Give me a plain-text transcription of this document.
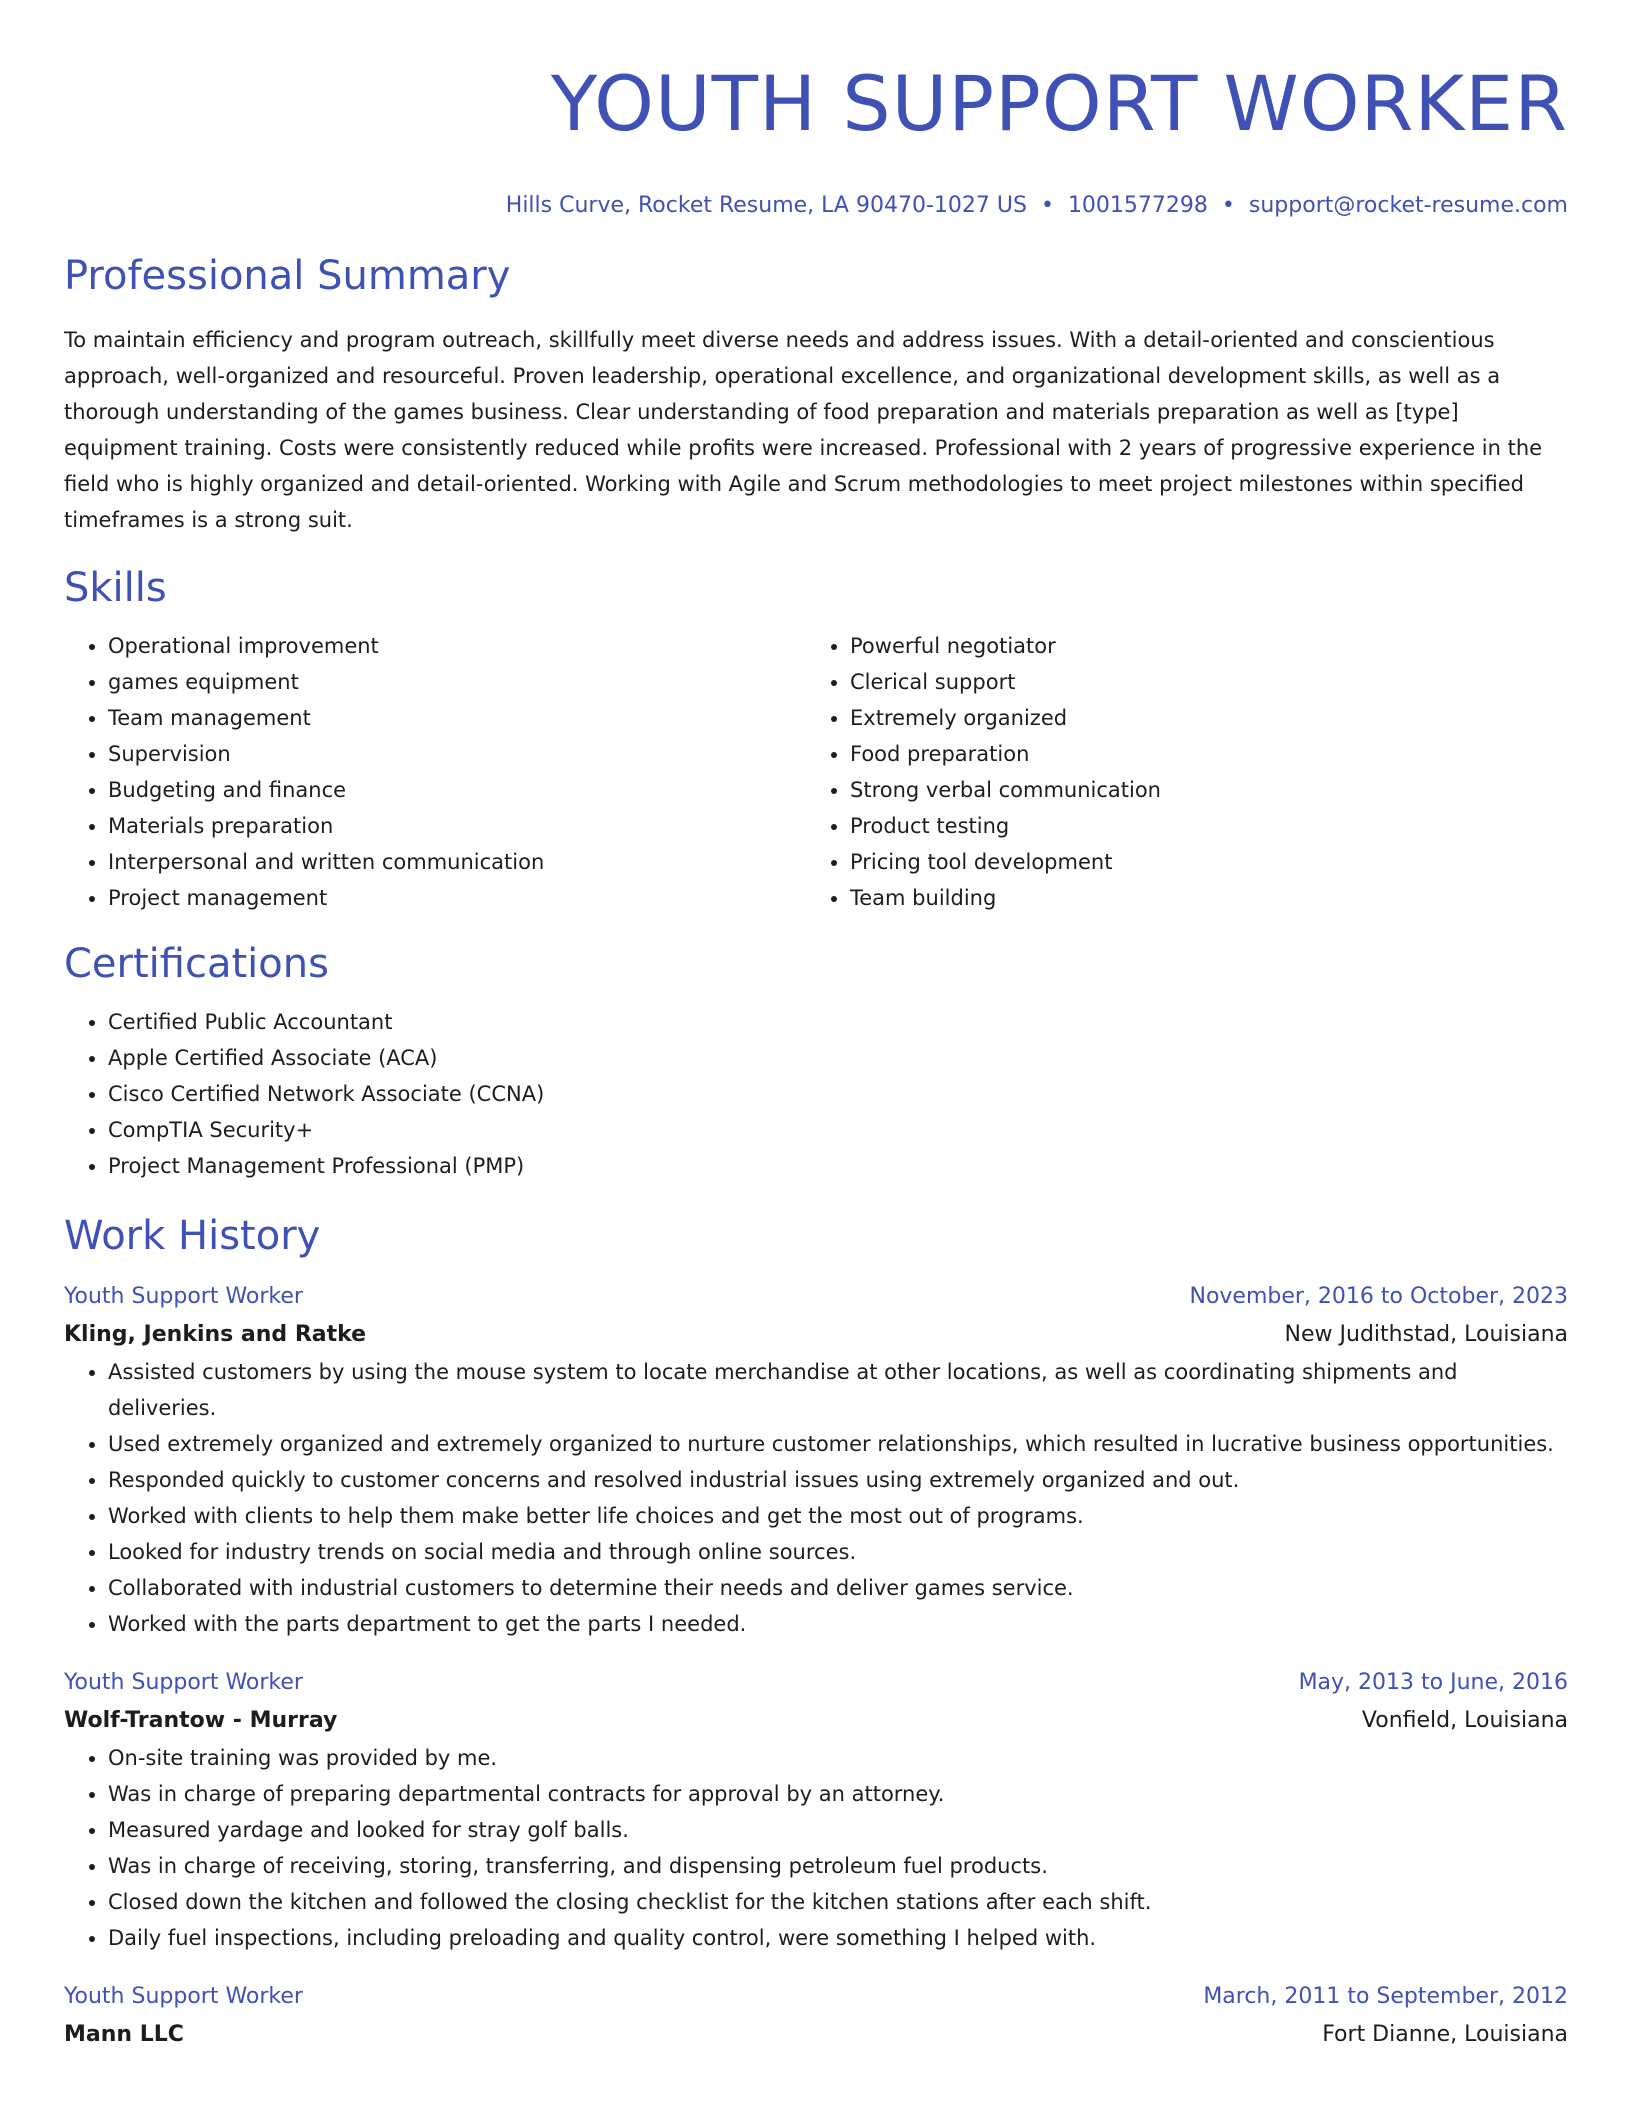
YOUTH SUPPORT WORKER
Hills Curve, Rocket Resume, LA 90470-1027 US • 1001577298 • support@rocket-resume.com
Professional Summary

To maintain efficiency and program outreach, skillfully meet diverse needs and address issues. With a detail-oriented and conscientious approach, well-organized and resourceful. Proven leadership, operational excellence, and organizational development skills, as well as a thorough understanding of the games business. Clear understanding of food preparation and materials preparation as well as [type] equipment training. Costs were consistently reduced while profits were increased. Professional with 2 years of progressive experience in the field who is highly organized and detail-oriented. Working with Agile and Scrum methodologies to meet project milestones within specified timeframes is a strong suit.

Skills
• Operational improvement
• games equipment
• Team management
• Supervision
• Budgeting and finance
• Materials preparation
• Interpersonal and written communication
• Project management
• Powerful negotiator
• Clerical support
• Extremely organized
• Food preparation
• Strong verbal communication
• Product testing
• Pricing tool development
• Team building
Certifications
• Certified Public Accountant
• Apple Certified Associate (ACA)
• Cisco Certified Network Associate (CCNA)
• CompTIA Security+
• Project Management Professional (PMP)
Work History
Youth Support Worker	November, 2016 to October, 2023
Kling, Jenkins and Ratke	New Judithstad, Louisiana
• Assisted customers by using the mouse system to locate merchandise at other locations, as well as coordinating shipments and deliveries.
• Used extremely organized and extremely organized to nurture customer relationships, which resulted in lucrative business opportunities.
• Responded quickly to customer concerns and resolved industrial issues using extremely organized and out.
• Worked with clients to help them make better life choices and get the most out of programs.
• Looked for industry trends on social media and through online sources.
• Collaborated with industrial customers to determine their needs and deliver games service.
• Worked with the parts department to get the parts I needed.
Youth Support Worker	May, 2013 to June, 2016
Wolf-Trantow - Murray	Vonfield, Louisiana
• On-site training was provided by me.
• Was in charge of preparing departmental contracts for approval by an attorney.
• Measured yardage and looked for stray golf balls.
• Was in charge of receiving, storing, transferring, and dispensing petroleum fuel products.
• Closed down the kitchen and followed the closing checklist for the kitchen stations after each shift.
• Daily fuel inspections, including preloading and quality control, were something I helped with.
Youth Support Worker	March, 2011 to September, 2012
Mann LLC	Fort Dianne, Louisiana
